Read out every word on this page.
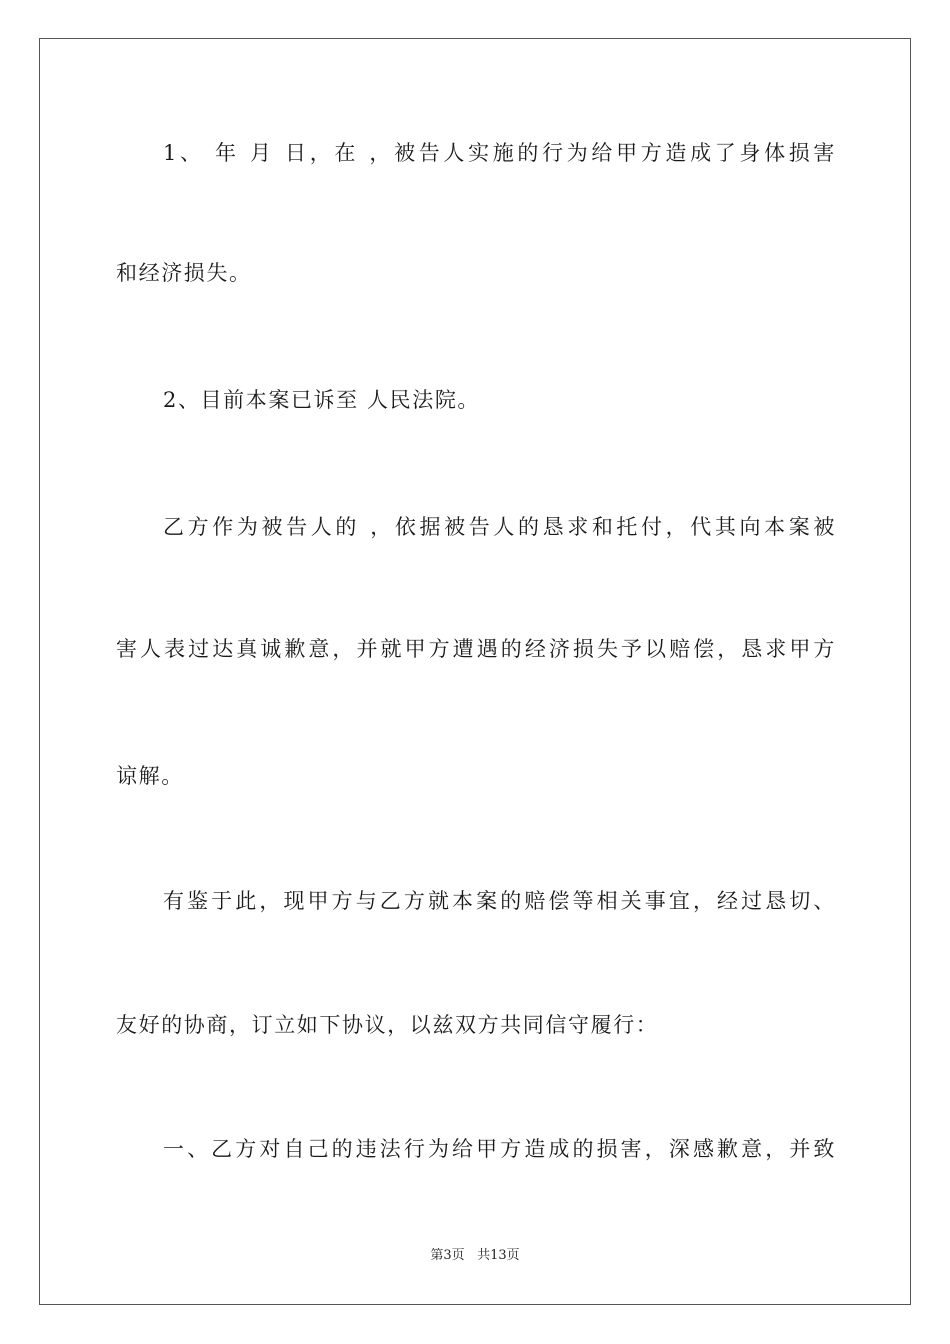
1、 年 月 日，在 ，被告人实施的行为给甲方造成了身体损害
和经济损失。
2、目前本案已诉至 人民法院。
乙方作为被告人的 ，依据被告人的恳求和托付，代其向本案被
害人表过达真诚歉意，并就甲方遭遇的经济损失予以赔偿，恳求甲方
谅解。
有鉴于此，现甲方与乙方就本案的赔偿等相关事宜，经过恳切、
友好的协商，订立如下协议，以兹双方共同信守履行：
一、乙方对自己的违法行为给甲方造成的损害，深感歉意，并致
第3页 共13页
